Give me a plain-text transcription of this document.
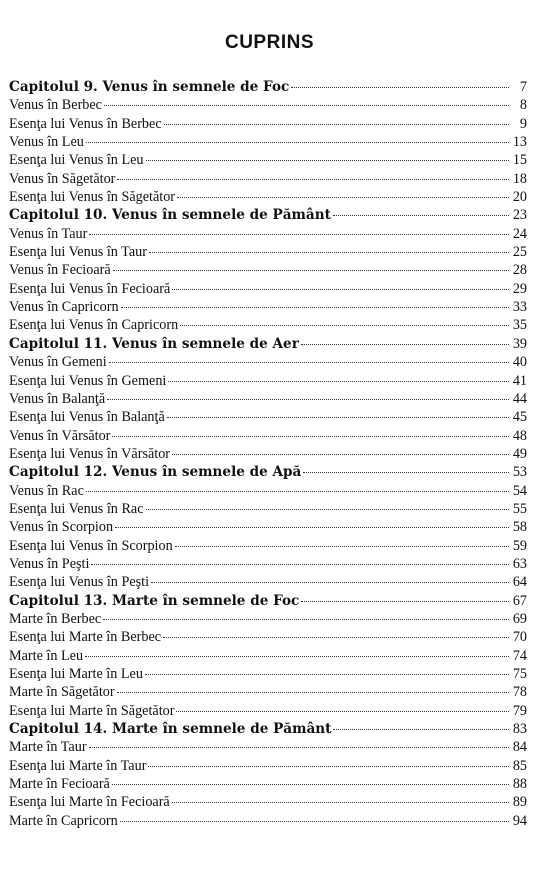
CUPRINS
Capitolul 9. Venus în semnele de Foc	7
Venus în Berbec	8
Esenţa lui Venus în Berbec	9
Venus în Leu	13
Esenţa lui Venus în Leu	15
Venus în Săgetător	18
Esenţa lui Venus în Săgetător	20
Capitolul 10. Venus în semnele de Pământ	23
Venus în Taur	24
Esenţa lui Venus în Taur	25
Venus în Fecioară	28
Esenţa lui Venus în Fecioară	29
Venus în Capricorn	33
Esenţa lui Venus în Capricorn	35
Capitolul 11. Venus în semnele de Aer	39
Venus în Gemeni	40
Esenţa lui Venus în Gemeni	41
Venus în Balanţă	44
Esenţa lui Venus în Balanţă	45
Venus în Vărsător	48
Esenţa lui Venus în Vărsător	49
Capitolul 12. Venus în semnele de Apă	53
Venus în Rac	54
Esenţa lui Venus în Rac	55
Venus în Scorpion	58
Esenţa lui Venus în Scorpion	59
Venus în Peşti	63
Esenţa lui Venus în Peşti	64
Capitolul 13. Marte în semnele de Foc	67
Marte în Berbec	69
Esenţa lui Marte în Berbec	70
Marte în Leu	74
Esenţa lui Marte în Leu	75
Marte în Săgetător	78
Esenţa lui Marte în Săgetător	79
Capitolul 14. Marte în semnele de Pământ	83
Marte în Taur	84
Esenţa lui Marte în Taur	85
Marte în Fecioară	88
Esenţa lui Marte în Fecioară	89
Marte în Capricorn	94
